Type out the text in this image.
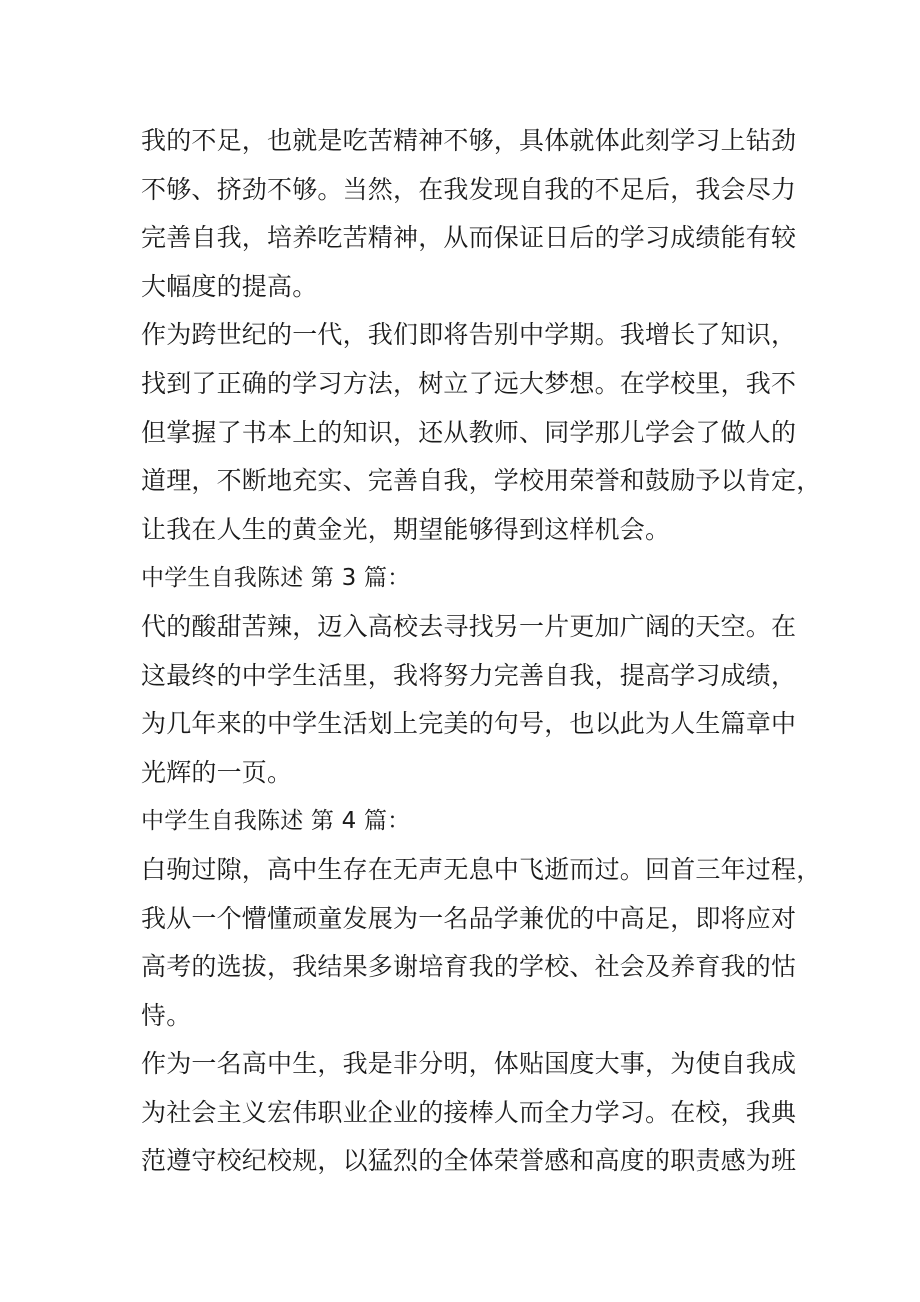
我的不足，也就是吃苦精神不够，具体就体此刻学习上钻劲
不够、挤劲不够。当然，在我发现自我的不足后，我会尽力
完善自我，培养吃苦精神，从而保证日后的学习成绩能有较
大幅度的提高。
作为跨世纪的一代，我们即将告别中学期。我增长了知识，
找到了正确的学习方法，树立了远大梦想。在学校里，我不
但掌握了书本上的知识，还从教师、同学那儿学会了做人的
道理，不断地充实、完善自我，学校用荣誉和鼓励予以肯定，
让我在人生的黄金光，期望能够得到这样机会。
中学生自我陈述 第 3 篇：
代的酸甜苦辣，迈入高校去寻找另一片更加广阔的天空。在
这最终的中学生活里，我将努力完善自我，提高学习成绩，
为几年来的中学生活划上完美的句号，也以此为人生篇章中
光辉的一页。
中学生自我陈述 第 4 篇：
白驹过隙，高中生存在无声无息中飞逝而过。回首三年过程，
我从一个懵懂顽童发展为一名品学兼优的中高足，即将应对
高考的选拔，我结果多谢培育我的学校、社会及养育我的怙
恃。
作为一名高中生，我是非分明，体贴国度大事，为使自我成
为社会主义宏伟职业企业的接棒人而全力学习。在校，我典
范遵守校纪校规，以猛烈的全体荣誉感和高度的职责感为班
